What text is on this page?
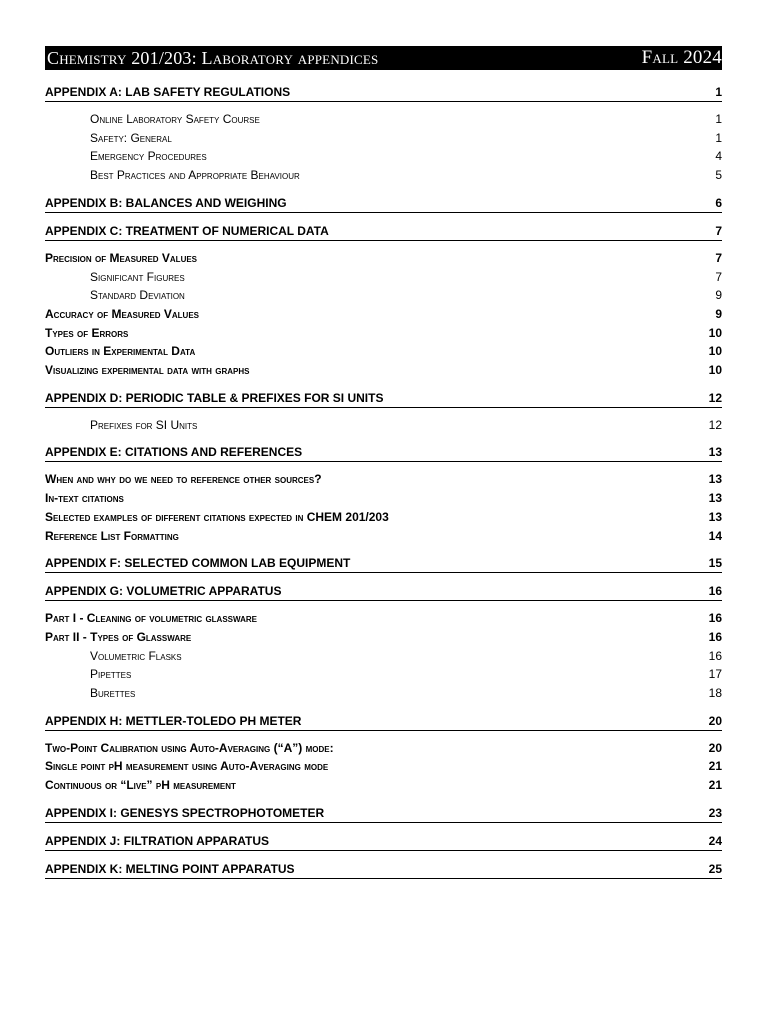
Chemistry 201/203: Laboratory appendices	Fall 2024
APPENDIX A: LAB SAFETY REGULATIONS	1
Online Laboratory Safety Course	1
Safety: General	1
Emergency Procedures	4
Best Practices and Appropriate Behaviour	5
APPENDIX B: BALANCES AND WEIGHING	6
APPENDIX C: TREATMENT OF NUMERICAL DATA	7
Precision of Measured Values	7
Significant Figures	7
Standard Deviation	9
Accuracy of Measured Values	9
Types of Errors	10
Outliers in Experimental Data	10
Visualizing experimental data with graphs	10
APPENDIX D: PERIODIC TABLE & PREFIXES FOR SI UNITS	12
Prefixes for SI Units	12
APPENDIX E: CITATIONS AND REFERENCES	13
When and why do we need to reference other sources?	13
In-text citations	13
Selected examples of different citations expected in CHEM 201/203	13
Reference List Formatting	14
APPENDIX F: SELECTED COMMON LAB EQUIPMENT	15
APPENDIX G: VOLUMETRIC APPARATUS	16
Part I - Cleaning of volumetric glassware	16
Part II - Types of Glassware	16
Volumetric Flasks	16
Pipettes	17
Burettes	18
APPENDIX H: METTLER-TOLEDO PH METER	20
Two-Point Calibration using Auto-Averaging (“A”) mode:	20
Single point pH measurement using Auto-Averaging mode	21
Continuous or “Live” pH measurement	21
APPENDIX I: GENESYS SPECTROPHOTOMETER	23
APPENDIX J: FILTRATION APPARATUS	24
APPENDIX K: MELTING POINT APPARATUS	25
